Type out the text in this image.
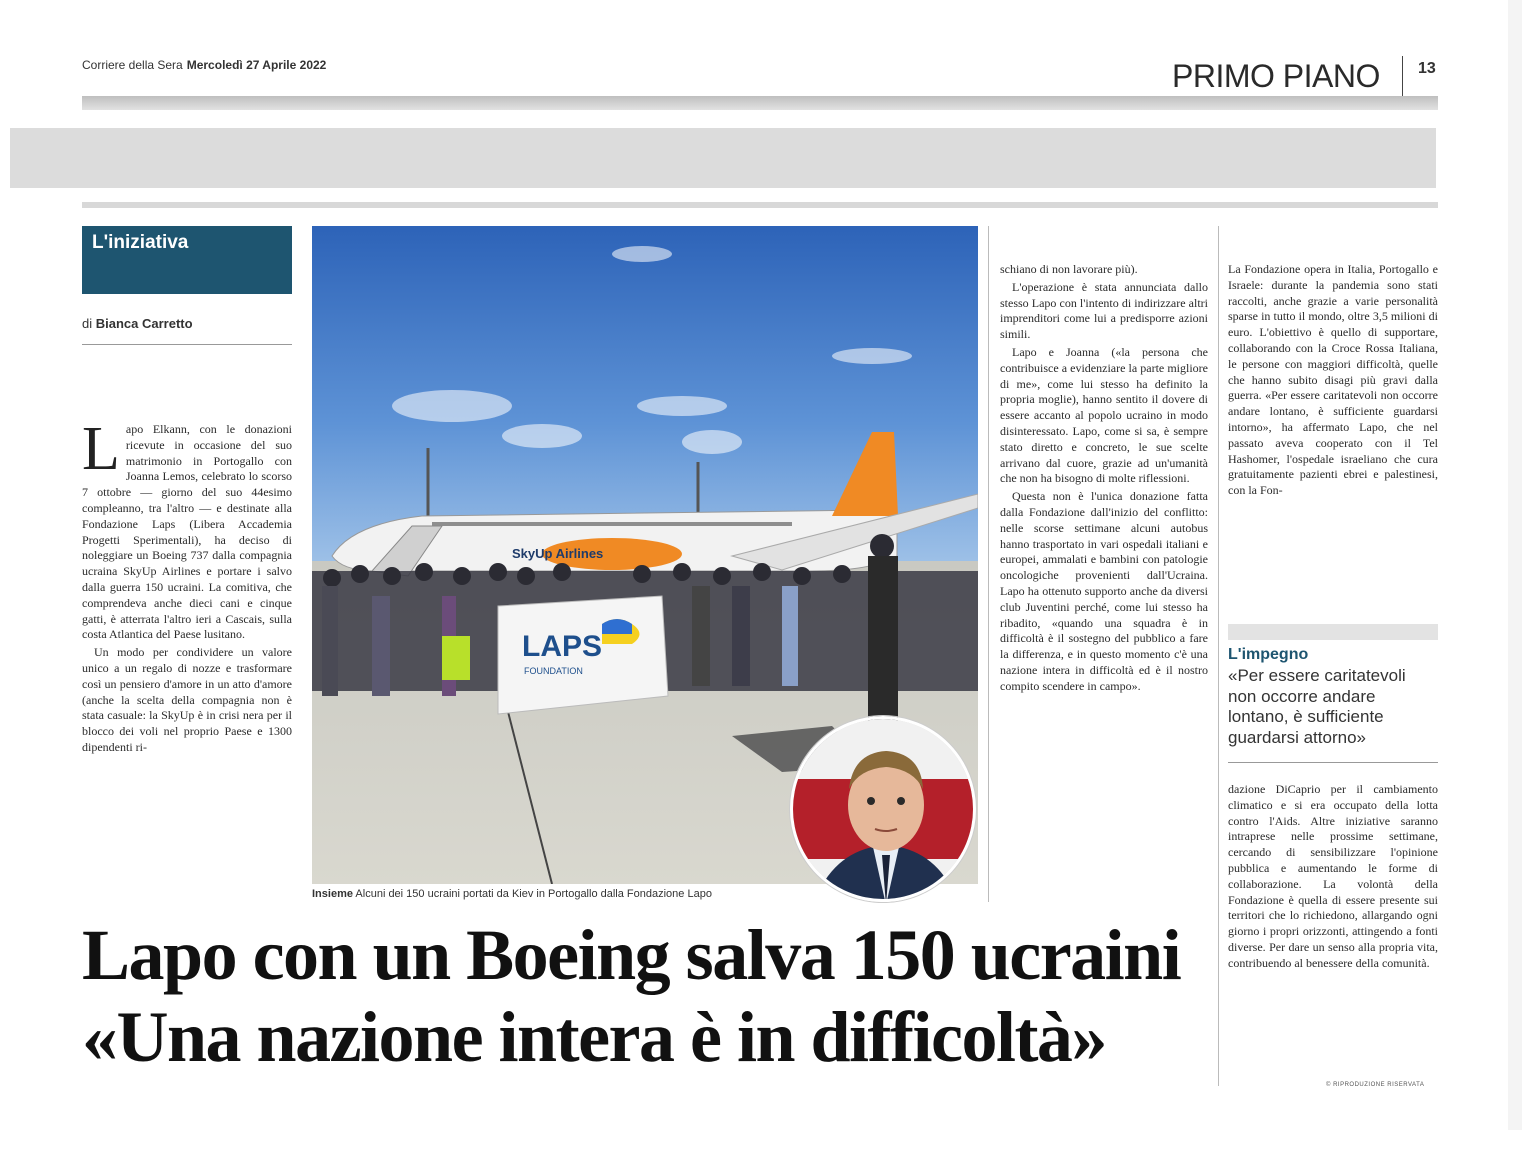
Corriere della Sera Mercoledì 27 Aprile 2022	PRIMO PIANO 13
L'iniziativa
di Bianca Carretto

Lapo Elkann, con le donazioni ricevute in occasione del suo matrimonio in Portogallo con Joanna Lemos, celebrato lo scorso 7 ottobre — giorno del suo 44esimo compleanno, tra l'altro — e destinate alla Fondazione Laps (Libera Accademia Progetti Sperimentali), ha deciso di noleggiare un Boeing 737 dalla compagnia ucraina SkyUp Airlines e portare i salvo dalla guerra 150 ucraini. La comitiva, che comprendeva anche dieci cani e cinque gatti, è atterrata l'altro ieri a Cascais, sulla costa Atlantica del Paese lusitano.

Un modo per condividere un valore unico a un regalo di nozze e trasformare così un pensiero d'amore in un atto d'amore (anche la scelta della compagnia non è stata casuale: la SkyUp è in crisi nera per il blocco dei voli nel proprio Paese e 1300 dipendenti ri-

SkyUp Airlines
LAPS
FOUNDATION
Insieme Alcuni dei 150 ucraini portati da Kiev in Portogallo dalla Fondazione Lapo

schiano di non lavorare più).

L'operazione è stata annunciata dallo stesso Lapo con l'intento di indirizzare altri imprenditori come lui a predisporre azioni simili.

Lapo e Joanna («la persona che contribuisce a evidenziare la parte migliore di me», come lui stesso ha definito la propria moglie), hanno sentito il dovere di essere accanto al popolo ucraino in modo disinteressato. Lapo, come si sa, è sempre stato diretto e concreto, le sue scelte arrivano dal cuore, grazie ad un'umanità che non ha bisogno di molte riflessioni.

Questa non è l'unica donazione fatta dalla Fondazione dall'inizio del conflitto: nelle scorse settimane alcuni autobus hanno trasportato in vari ospedali italiani e europei, ammalati e bambini con patologie oncologiche provenienti dall'Ucraina. Lapo ha ottenuto supporto anche da diversi club Juventini perché, come lui stesso ha ribadito, «quando una squadra è in difficoltà è il sostegno del pubblico a fare la differenza, e in questo momento c'è una nazione intera in difficoltà ed è il nostro compito scendere in campo».

La Fondazione opera in Italia, Portogallo e Israele: durante la pandemia sono stati raccolti, anche grazie a varie personalità sparse in tutto il mondo, oltre 3,5 milioni di euro. L'obiettivo è quello di supportare, collaborando con la Croce Rossa Italiana, le persone con maggiori difficoltà, quelle che hanno subito disagi più gravi dalla guerra. «Per essere caritatevoli non occorre andare lontano, è sufficiente guardarsi intorno», ha affermato Lapo, che nel passato aveva cooperato con il Tel Hashomer, l'ospedale israeliano che cura gratuitamente pazienti ebrei e palestinesi, con la Fon-

L'impegno
«Per essere caritatevoli non occorre andare lontano, è sufficiente guardarsi attorno»

dazione DiCaprio per il cambiamento climatico e si era occupato della lotta contro l'Aids. Altre iniziative saranno intraprese nelle prossime settimane, cercando di sensibilizzare l'opinione pubblica e aumentando le forme di collaborazione. La volontà della Fondazione è quella di essere presente sui territori che lo richiedono, allargando ogni giorno i propri orizzonti, attingendo a fonti diverse. Per dare un senso alla propria vita, contribuendo al benessere della comunità.

© RIPRODUZIONE RISERVATA
Lapo con un Boeing salva 150 ucraini
«Una nazione intera è in difficoltà»
